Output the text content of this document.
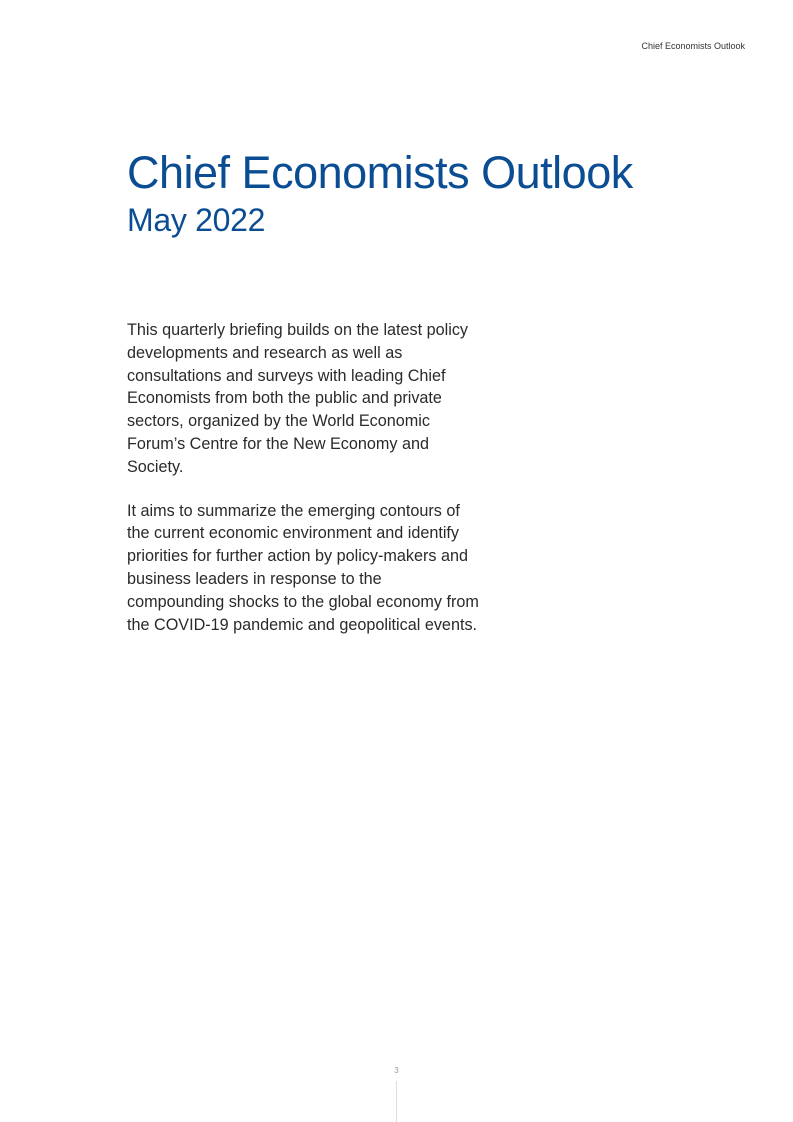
Chief Economists Outlook
Chief Economists Outlook
May 2022

This quarterly briefing builds on the latest policy developments and research as well as consultations and surveys with leading Chief Economists from both the public and private sectors, organized by the World Economic Forum’s Centre for the New Economy and Society.

It aims to summarize the emerging contours of the current economic environment and identify priorities for further action by policy-makers and business leaders in response to the compounding shocks to the global economy from the COVID-19 pandemic and geopolitical events.

3
